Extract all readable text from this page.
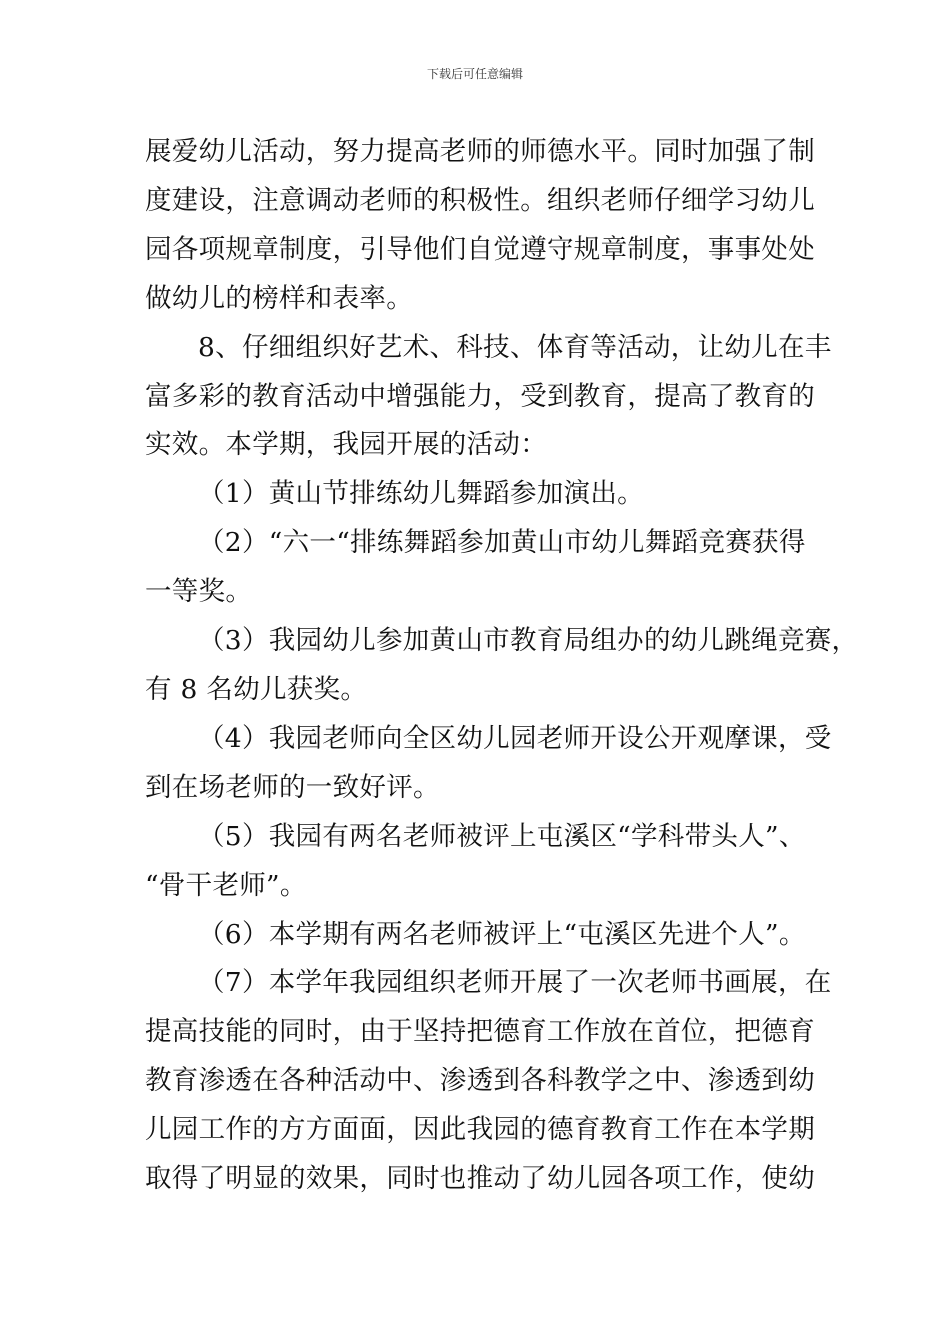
下载后可任意编辑

展爱幼儿活动，努力提高老师的师德水平。同时加强了制
度建设，注意调动老师的积极性。组织老师仔细学习幼儿
园各项规章制度，引导他们自觉遵守规章制度，事事处处
做幼儿的榜样和表率。

8、仔细组织好艺术、科技、体育等活动，让幼儿在丰
富多彩的教育活动中增强能力，受到教育，提高了教育的
实效。本学期，我园开展的活动：

（1）黄山节排练幼儿舞蹈参加演出。

（2）“六一“排练舞蹈参加黄山市幼儿舞蹈竞赛获得
一等奖。

（3）我园幼儿参加黄山市教育局组办的幼儿跳绳竞赛，
有 8 名幼儿获奖。

（4）我园老师向全区幼儿园老师开设公开观摩课，受
到在场老师的一致好评。

（5）我园有两名老师被评上屯溪区“学科带头人”、
“骨干老师”。

（6）本学期有两名老师被评上“屯溪区先进个人”。

（7）本学年我园组织老师开展了一次老师书画展，在
提高技能的同时，由于坚持把德育工作放在首位，把德育
教育渗透在各种活动中、渗透到各科教学之中、渗透到幼
儿园工作的方方面面，因此我园的德育教育工作在本学期
取得了明显的效果，同时也推动了幼儿园各项工作，使幼
